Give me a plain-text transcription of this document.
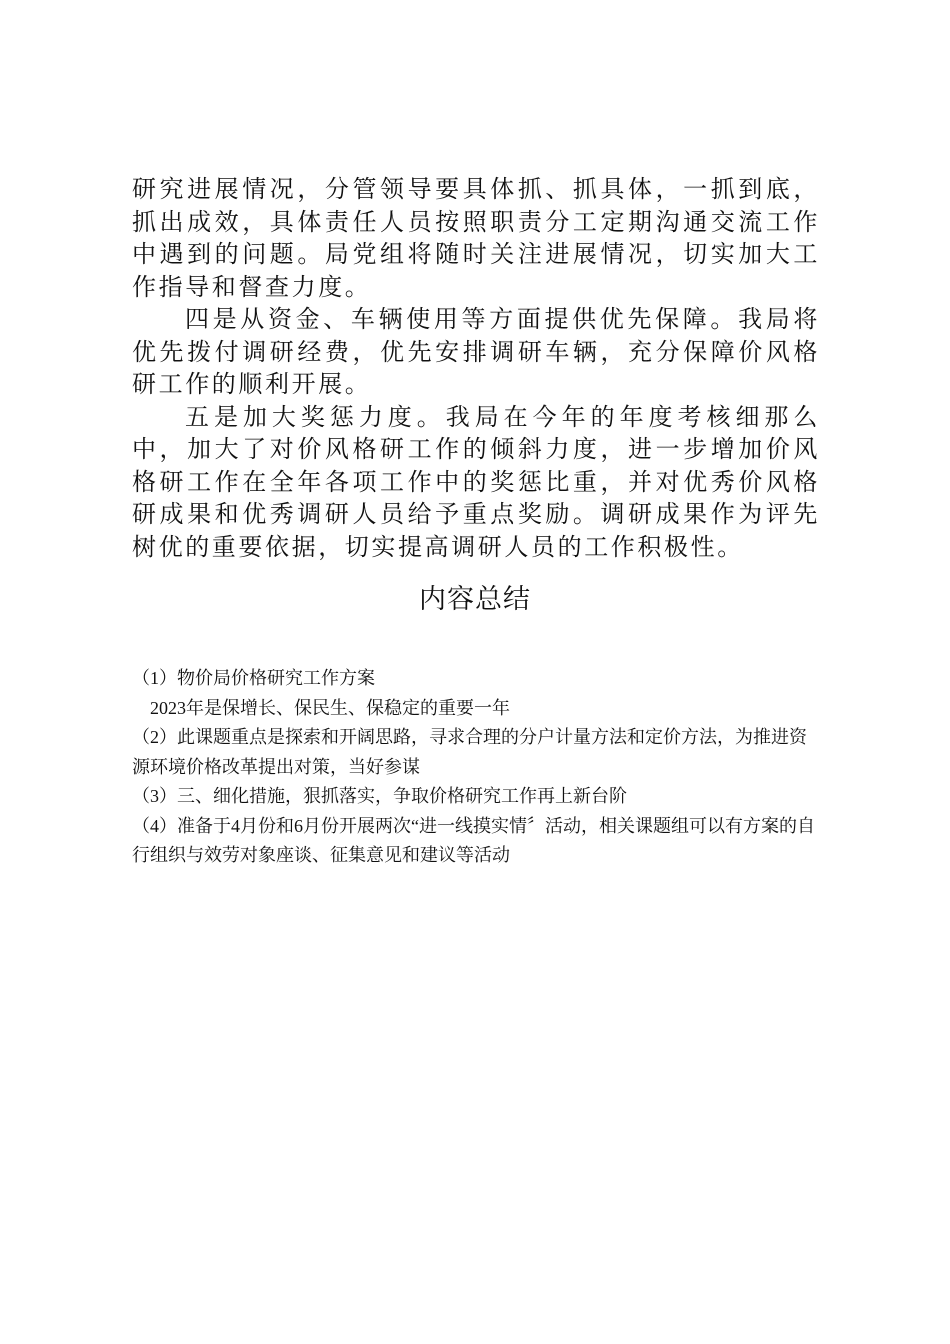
研究进展情况，分管领导要具体抓、抓具体，一抓到底，抓出成效，具体责任人员按照职责分工定期沟通交流工作中遇到的问题。局党组将随时关注进展情况，切实加大工作指导和督查力度。

四是从资金、车辆使用等方面提供优先保障。我局将优先拨付调研经费，优先安排调研车辆，充分保障价风格研工作的顺利开展。

五是加大奖惩力度。我局在今年的年度考核细那么中，加大了对价风格研工作的倾斜力度，进一步增加价风格研工作在全年各项工作中的奖惩比重，并对优秀价风格研成果和优秀调研人员给予重点奖励。调研成果作为评先树优的重要依据，切实提高调研人员的工作积极性。

内容总结

（1）物价局价格研究工作方案

2023年是保增长、保民生、保稳定的重要一年

（2）此课题重点是探索和开阔思路，寻求合理的分户计量方法和定价方法，为推进资源环境价格改革提出对策，当好参谋

（3）三、细化措施，狠抓落实，争取价格研究工作再上新台阶

（4）准备于4月份和6月份开展两次“进一线摸实情〞活动，相关课题组可以有方案的自行组织与效劳对象座谈、征集意见和建议等活动
